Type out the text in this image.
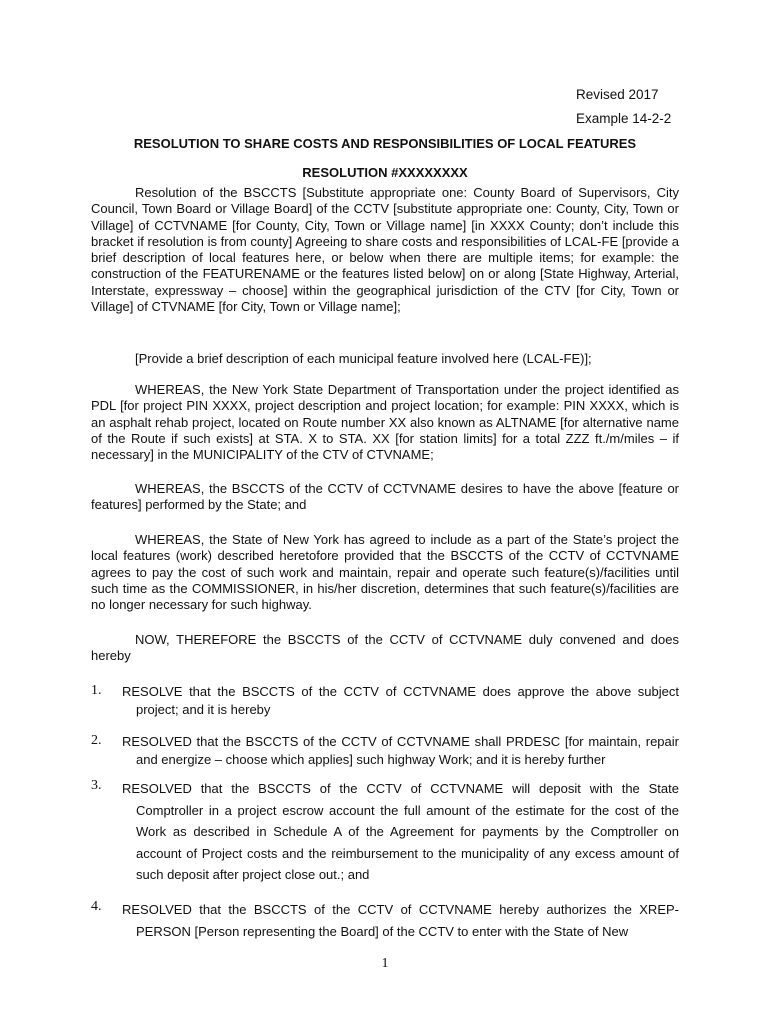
Revised 2017
Example 14-2-2
RESOLUTION TO SHARE COSTS AND RESPONSIBILITIES OF LOCAL FEATURES
RESOLUTION #XXXXXXXX

Resolution of the BSCCTS [Substitute appropriate one: County Board of Supervisors, City Council, Town Board or Village Board] of the CCTV [substitute appropriate one: County, City, Town or Village] of CCTVNAME [for County, City, Town or Village name] [in XXXX County; don’t include this bracket if resolution is from county] Agreeing to share costs and responsibilities of LCAL-FE [provide a brief description of local features here, or below when there are multiple items; for example: the construction of the FEATURENAME or the features listed below] on or along [State Highway, Arterial, Interstate, expressway – choose] within the geographical jurisdiction of the CTV [for City, Town or Village] of CTVNAME [for City, Town or Village name];

[Provide a brief description of each municipal feature involved here (LCAL-FE)];

WHEREAS, the New York State Department of Transportation under the project identified as PDL [for project PIN XXXX, project description and project location; for example: PIN XXXX, which is an asphalt rehab project, located on Route number XX also known as ALTNAME [for alternative name of the Route if such exists] at STA. X to STA. XX [for station limits] for a total ZZZ ft./m/miles – if necessary] in the MUNICIPALITY of the CTV of CTVNAME;

WHEREAS, the BSCCTS of the CCTV of CCTVNAME desires to have the above [feature or features] performed by the State; and

WHEREAS, the State of New York has agreed to include as a part of the State’s project the local features (work) described heretofore provided that the BSCCTS of the CCTV of CCTVNAME agrees to pay the cost of such work and maintain, repair and operate such feature(s)/facilities until such time as the COMMISSIONER, in his/her discretion, determines that such feature(s)/facilities are no longer necessary for such highway.

NOW, THEREFORE the BSCCTS of the CCTV of CCTVNAME duly convened and does hereby

1. RESOLVE that the BSCCTS of the CCTV of CCTVNAME does approve the above subject project; and it is hereby
2. RESOLVED that the BSCCTS of the CCTV of CCTVNAME shall PRDESC [for maintain, repair and energize – choose which applies] such highway Work; and it is hereby further
3. RESOLVED that the BSCCTS of the CCTV of CCTVNAME will deposit with the State Comptroller in a project escrow account the full amount of the estimate for the cost of the Work as described in Schedule A of the Agreement for payments by the Comptroller on account of Project costs and the reimbursement to the municipality of any excess amount of such deposit after project close out.; and
4. RESOLVED that the BSCCTS of the CCTV of CCTVNAME hereby authorizes the XREP-PERSON [Person representing the Board] of the CCTV to enter with the State of New
1
